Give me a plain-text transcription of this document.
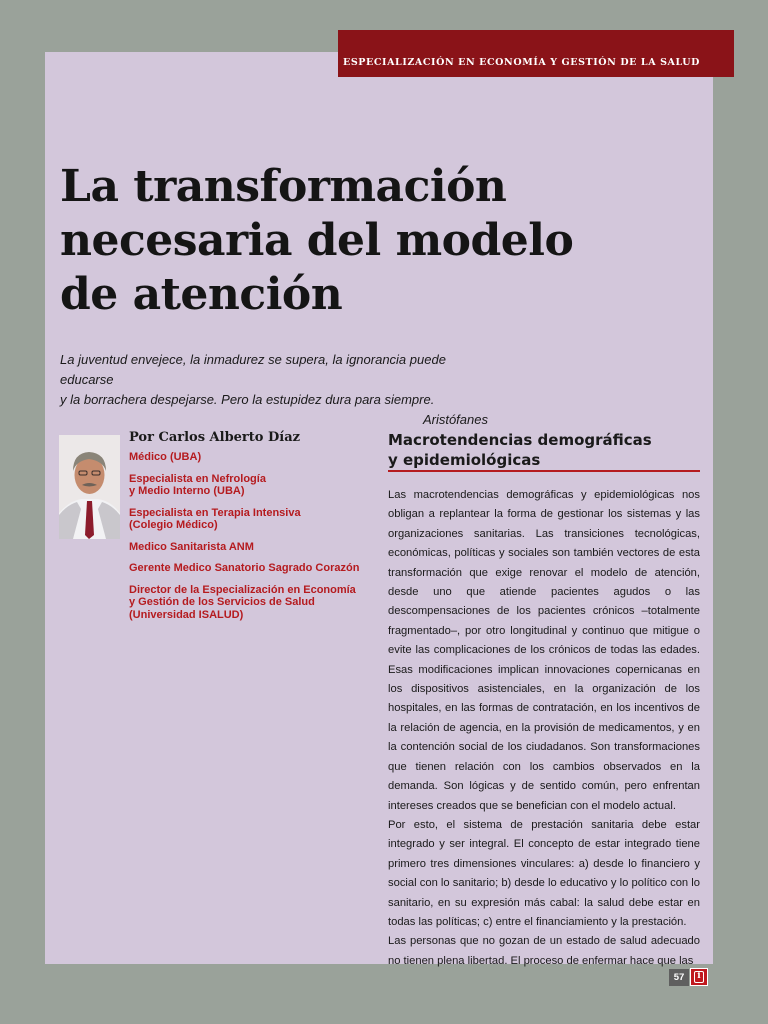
ESPECIALIZACIÓN EN ECONOMÍA Y GESTIÓN DE LA SALUD
La transformación
necesaria del modelo
de atención
La juventud envejece, la inmadurez se supera, la ignorancia puede educarse
y la borrachera despejarse. Pero la estupidez dura para siempre.
Aristófanes
Por Carlos Alberto Díaz
Médico (UBA)
Especialista en Nefrología
y Medio Interno (UBA)
Especialista en Terapia Intensiva
(Colegio Médico)
Medico Sanitarista ANM
Gerente Medico Sanatorio Sagrado Corazón
Director de la Especialización en Economía
y Gestión de los Servicios de Salud
(Universidad ISALUD)
Macrotendencias demográficas
y epidemiológicas

Las macrotendencias demográficas y epidemiológicas nos obligan a replantear la forma de gestionar los sistemas y las organizaciones sanitarias. Las transiciones tecnológicas, económicas, políticas y sociales son también vectores de esta transformación que exige renovar el modelo de atención, desde uno que atiende pacientes agudos o las descompensaciones de los pacientes crónicos –totalmente fragmentado–, por otro longitudinal y continuo que mitigue o evite las complicaciones de los crónicos de todas las edades. Esas modificaciones implican innovaciones copernicanas en los dispositivos asistenciales, en la organización de los hospitales, en las formas de contratación, en los incentivos de la relación de agencia, en la provisión de medicamentos, y en la contención social de los ciudadanos. Son transformaciones que tienen relación con los cambios observados en la demanda. Son lógicas y de sentido común, pero enfrentan intereses creados que se benefician con el modelo actual.

Por esto, el sistema de prestación sanitaria debe estar integrado y ser integral. El concepto de estar integrado tiene primero tres dimensiones vinculares: a) desde lo financiero y social con lo sanitario; b) desde lo educativo y lo político con lo sanitario, en su expresión más cabal: la salud debe estar en todas las políticas; c) entre el financiamiento y la prestación.

Las personas que no gozan de un estado de salud adecuado no tienen plena libertad. El proceso de enfermar hace que las

57	i
